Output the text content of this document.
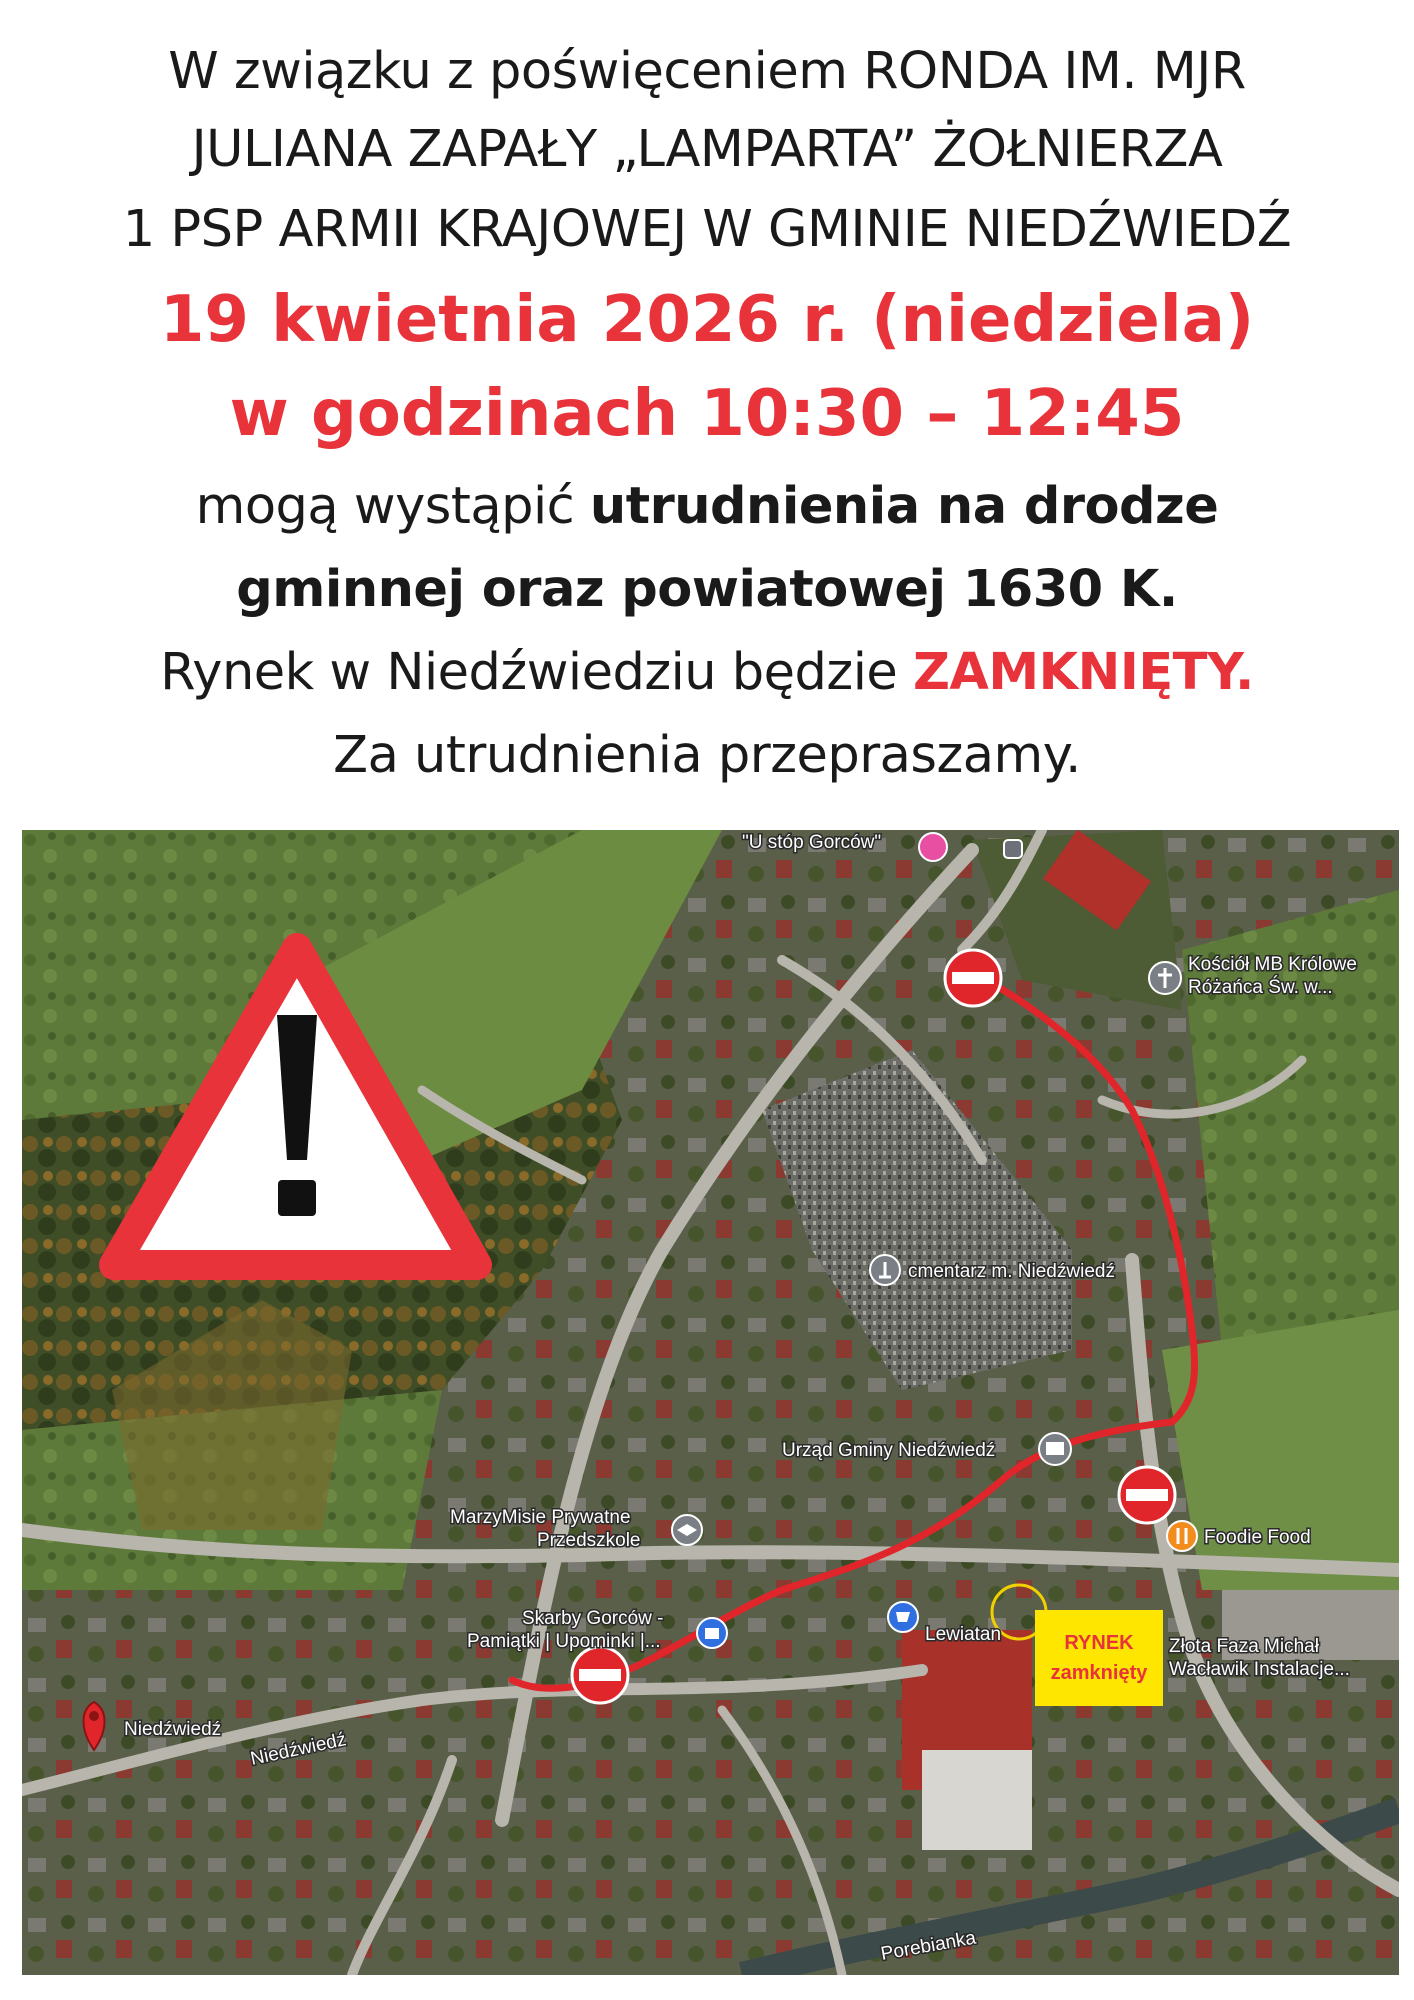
W związku z poświęceniem RONDA IM. MJR
JULIANA ZAPAŁY „LAMPARTA” ŻOŁNIERZA
1 PSP ARMII KRAJOWEJ W GMINIE NIEDŹWIEDŹ
19 kwietnia 2026 r. (niedziela)
w godzinach 10:30 – 12:45
mogą wystąpić utrudnienia na drodze
gminnej oraz powiatowej 1630 K.
Rynek w Niedźwiedziu będzie ZAMKNIĘTY.
Za utrudnienia przepraszamy.
"U stóp Gorców"
Kościół MB Królowe
Różańca Św. w...
cmentarz m. Niedźwiedź
Urząd Gminy Niedźwiedź
Foodie Food
MarzyMisie Prywatne
Przedszkole
Skarby Gorców -
Pamiątki | Upominki |...	Lewiatan
Złota Faza Michał
Wacławik Instalacje...
Niedźwiedź
Niedźwiedź
Porebianka
RYNEK
zamknięty
